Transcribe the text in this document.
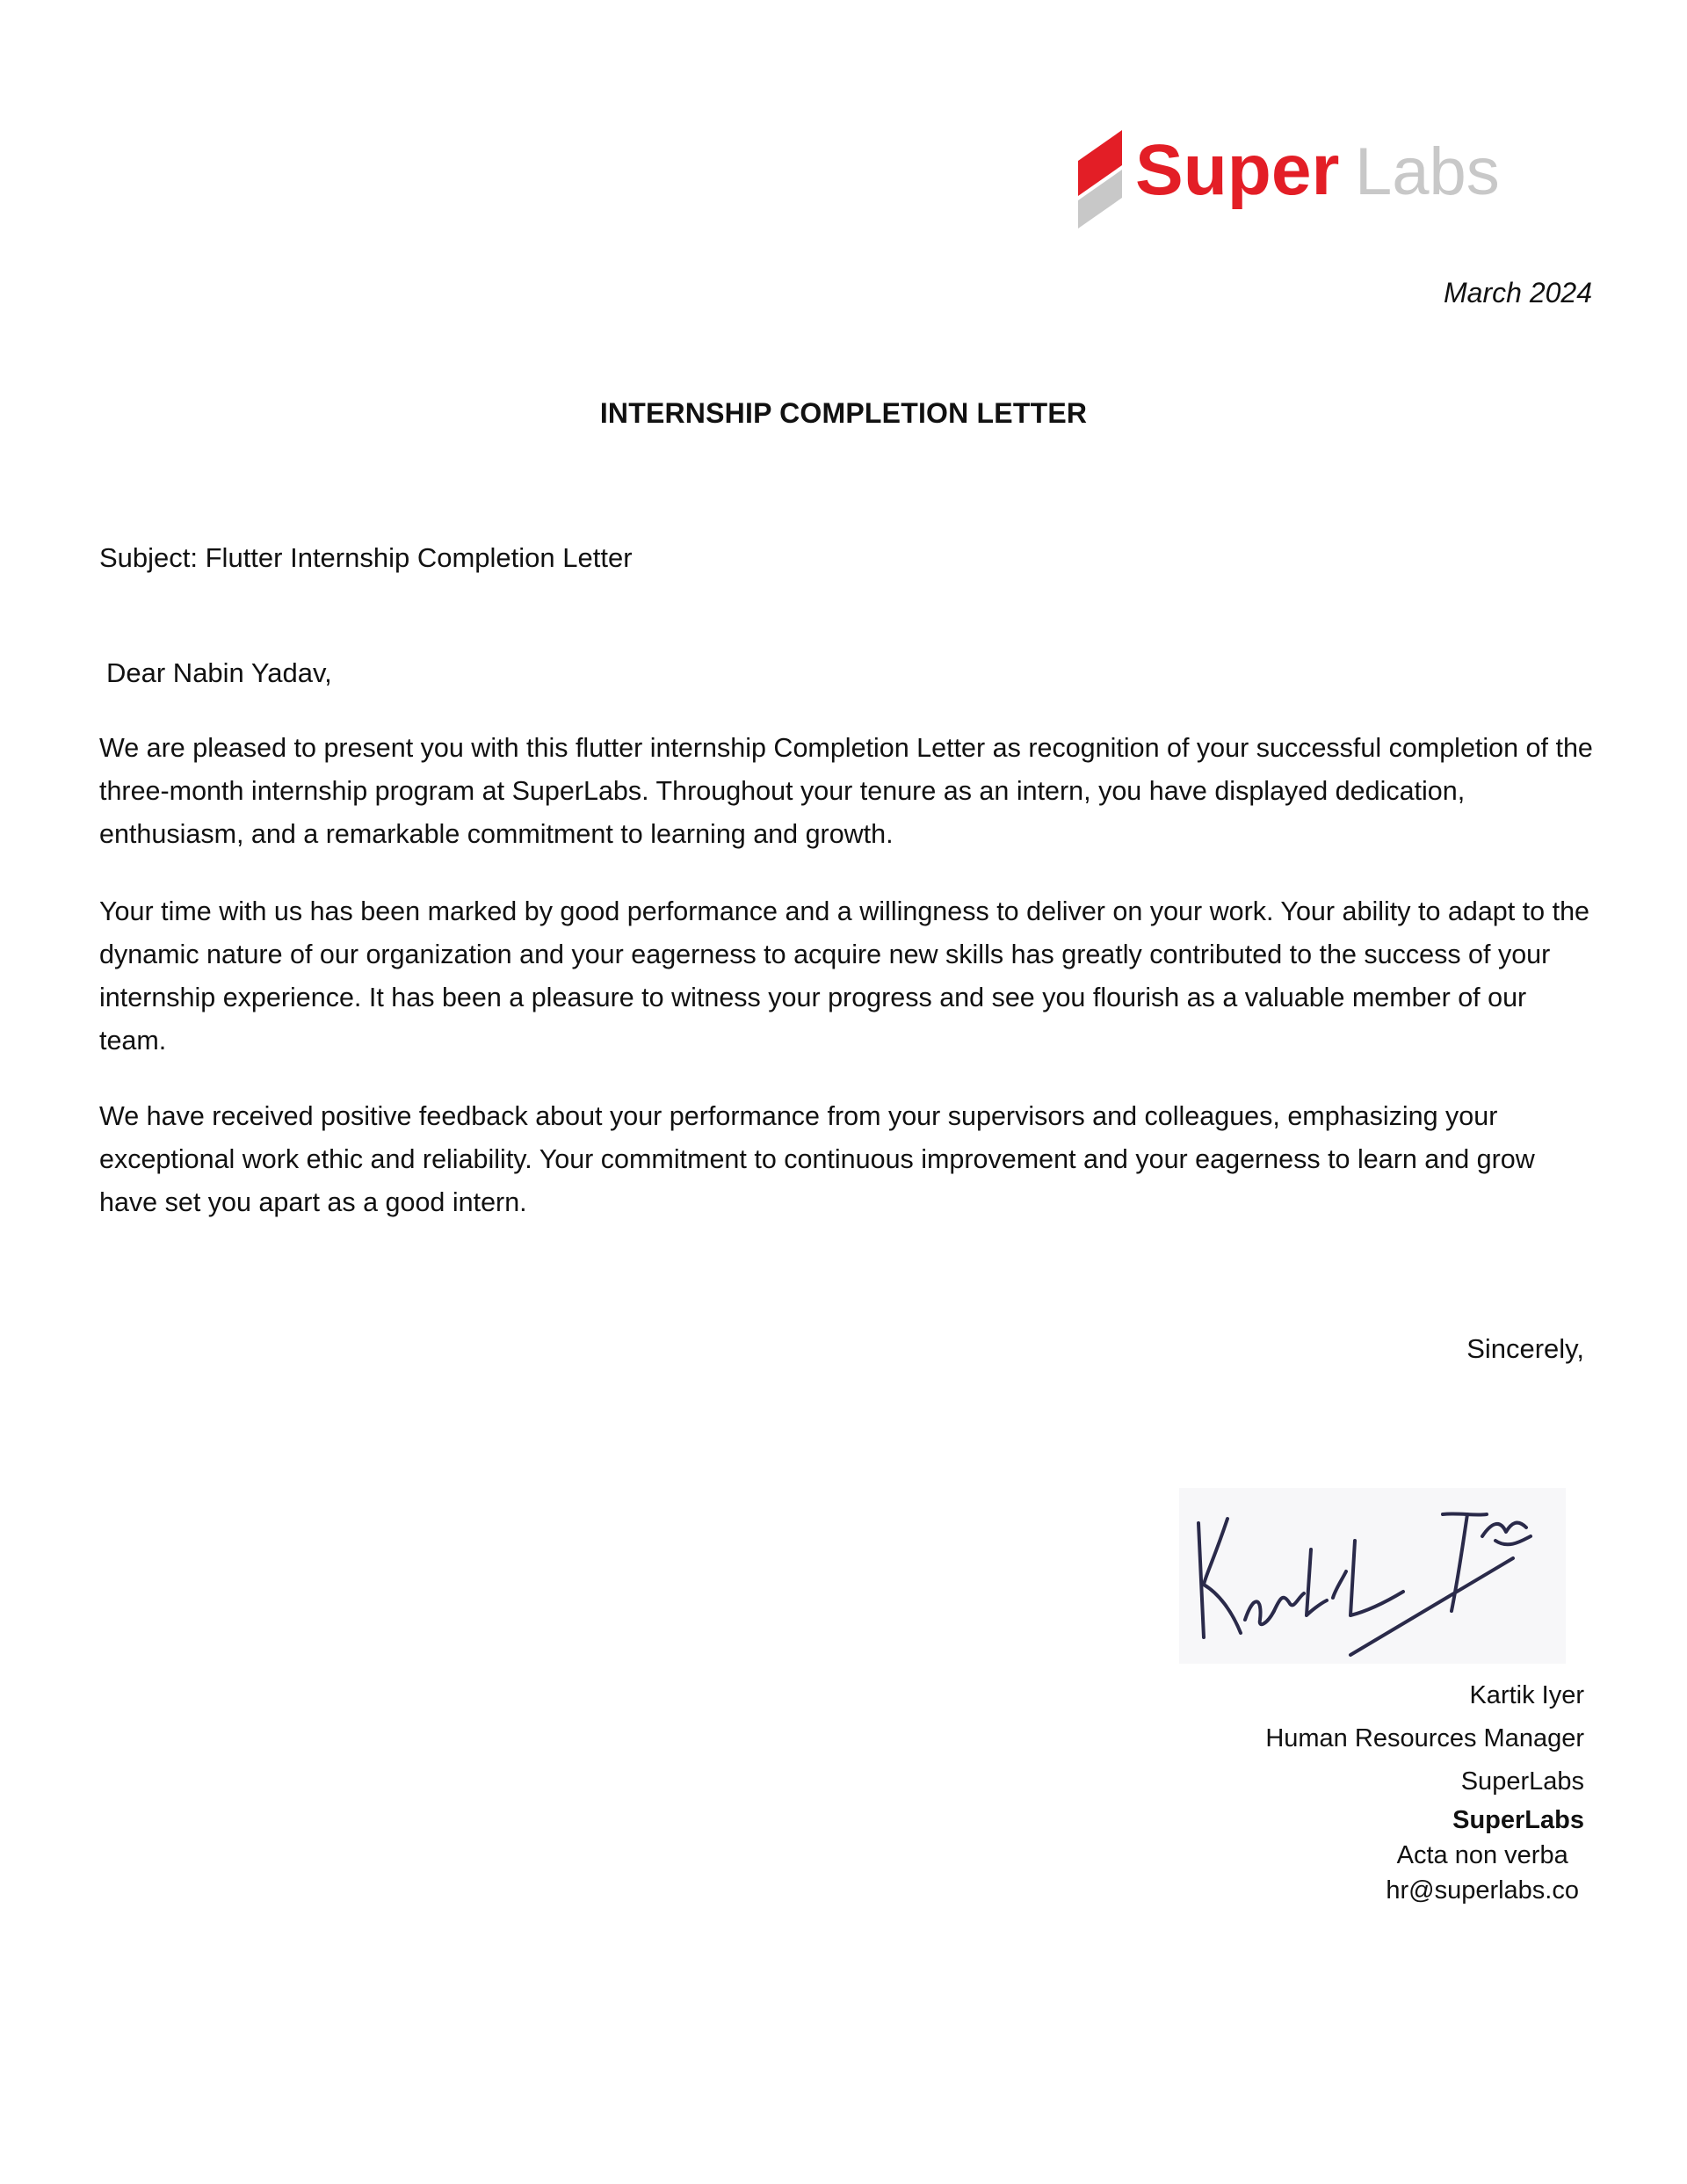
Super Labs
March 2024
INTERNSHIP COMPLETION LETTER
Subject: Flutter Internship Completion Letter
Dear Nabin Yadav,

We are pleased to present you with this flutter internship Completion Letter as recognition of your successful completion of the three-month internship program at SuperLabs. Throughout your tenure as an intern, you have displayed dedication, enthusiasm, and a remarkable commitment to learning and growth.

Your time with us has been marked by good performance and a willingness to deliver on your work. Your ability to adapt to the dynamic nature of our organization and your eagerness to acquire new skills has greatly contributed to the success of your internship experience. It has been a pleasure to witness your progress and see you flourish as a valuable member of our team.

We have received positive feedback about your performance from your supervisors and colleagues, emphasizing your exceptional work ethic and reliability. Your commitment to continuous improvement and your eagerness to learn and grow have set you apart as a good intern.

Sincerely,
Kartik Iyer
Human Resources Manager
SuperLabs
SuperLabs
Acta non verba
hr@superlabs.co
